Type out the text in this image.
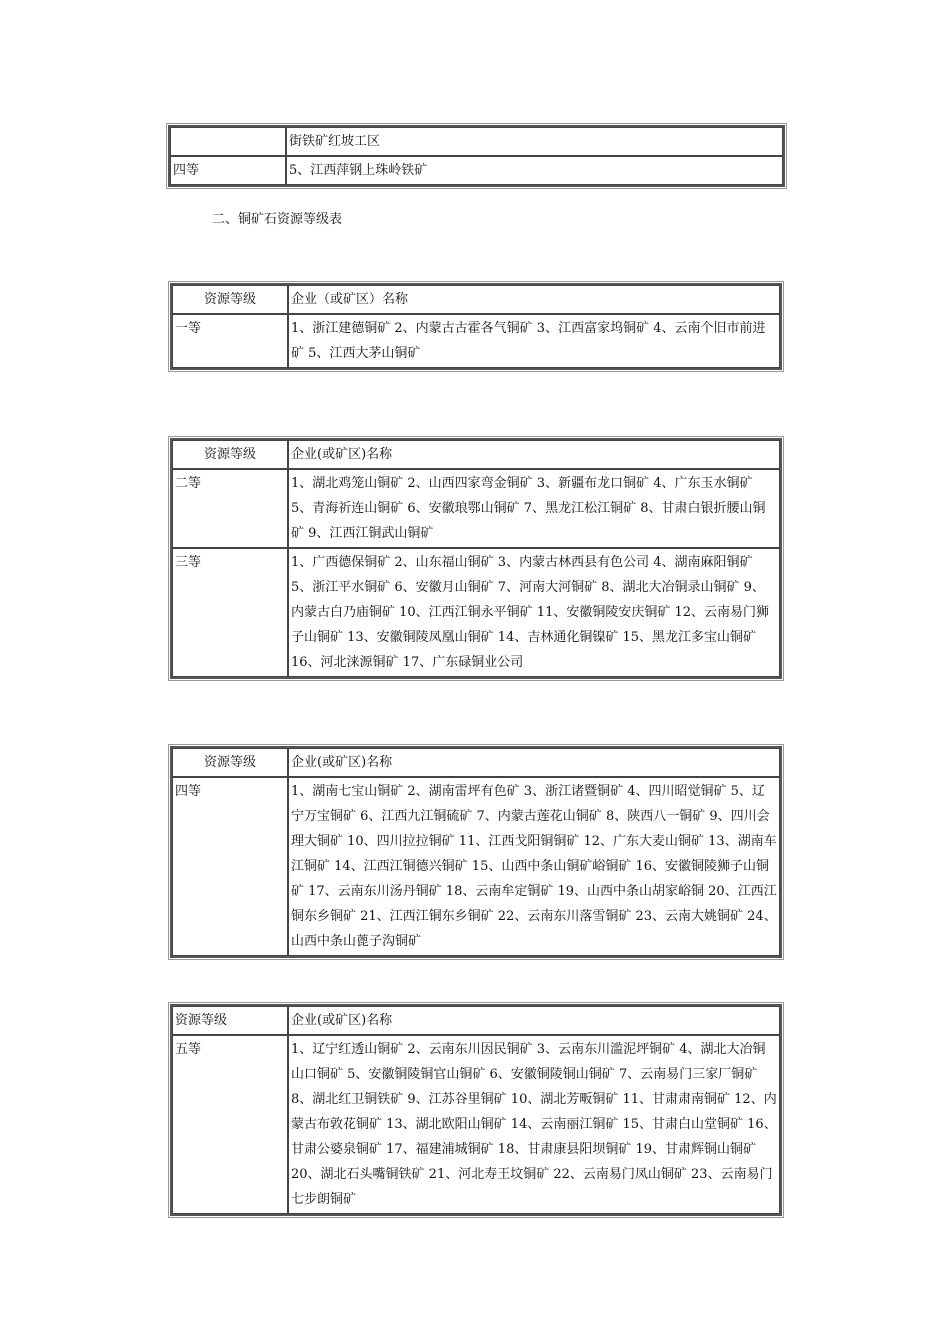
	街铁矿红坡工区
四等	5、江西萍钢上珠岭铁矿
二、铜矿石资源等级表
资源等级	企业（或矿区）名称
一等	1、浙江建德铜矿 2、内蒙古古霍各气铜矿 3、江西富家坞铜矿 4、云南个旧市前进矿 5、江西大茅山铜矿
资源等级	企业(或矿区)名称
二等	1、湖北鸡笼山铜矿 2、山西四家弯金铜矿 3、新疆布龙口铜矿 4、广东玉水铜矿 5、青海祈连山铜矿 6、安徽琅鄂山铜矿 7、黑龙江松江铜矿 8、甘肃白银折腰山铜矿 9、江西江铜武山铜矿
三等	1、广西德保铜矿 2、山东福山铜矿 3、内蒙古林西县有色公司 4、湖南麻阳铜矿 5、浙江平水铜矿 6、安徽月山铜矿 7、河南大河铜矿 8、湖北大冶铜录山铜矿 9、内蒙古白乃庙铜矿 10、江西江铜永平铜矿 11、安徽铜陵安庆铜矿 12、云南易门狮子山铜矿 13、安徽铜陵凤凰山铜矿 14、吉林通化铜镍矿 15、黑龙江多宝山铜矿 16、河北涞源铜矿 17、广东碌铜业公司
资源等级	企业(或矿区)名称
四等	1、湖南七宝山铜矿 2、湖南雷坪有色矿 3、浙江诸暨铜矿 4、四川昭觉铜矿 5、辽宁万宝铜矿 6、江西九江铜硫矿 7、内蒙古莲花山铜矿 8、陕西八一铜矿 9、四川会理大铜矿 10、四川拉拉铜矿 11、江西戈阳铜铜矿 12、广东大麦山铜矿 13、湖南车江铜矿 14、江西江铜德兴铜矿 15、山西中条山铜矿峪铜矿 16、安徽铜陵狮子山铜矿 17、云南东川汤丹铜矿 18、云南牟定铜矿 19、山西中条山胡家峪铜 20、江西江铜东乡铜矿 21、江西江铜东乡铜矿 22、云南东川落雪铜矿 23、云南大姚铜矿 24、山西中条山蓖子沟铜矿
资源等级	企业(或矿区)名称
五等	1、辽宁红透山铜矿 2、云南东川因民铜矿 3、云南东川滥泥坪铜矿 4、湖北大冶铜山口铜矿 5、安徽铜陵铜官山铜矿 6、安徽铜陵铜山铜矿 7、云南易门三家厂铜矿 8、湖北红卫铜铁矿 9、江苏谷里铜矿 10、湖北芳畈铜矿 11、甘肃肃南铜矿 12、内蒙古布敦花铜矿 13、湖北欧阳山铜矿 14、云南丽江铜矿 15、甘肃白山堂铜矿 16、甘肃公婆泉铜矿 17、福建浦城铜矿 18、甘肃康县阳坝铜矿 19、甘肃辉铜山铜矿 20、湖北石头嘴铜铁矿 21、河北寿王坟铜矿 22、云南易门凤山铜矿 23、云南易门七步朗铜矿
